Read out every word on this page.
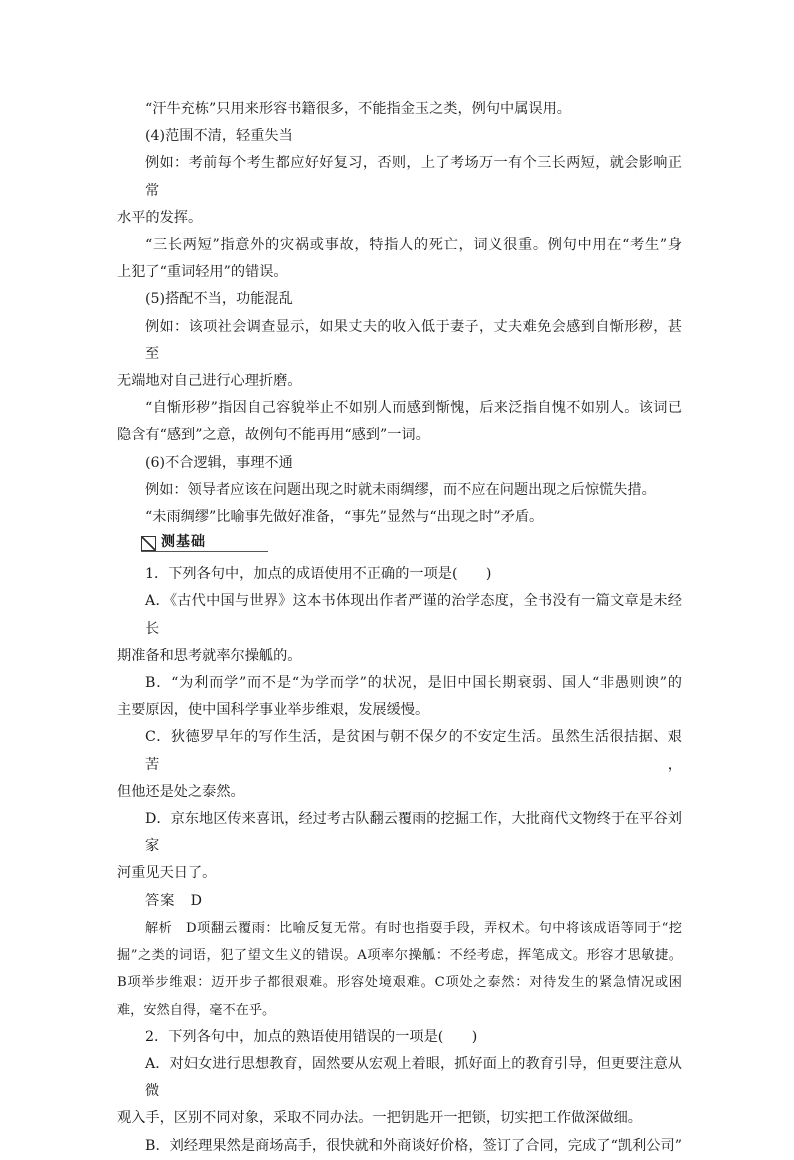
“汗牛充栋”只用来形容书籍很多，不能指金玉之类，例句中属误用。
(4)范围不清，轻重失当
例如：考前每个考生都应好好复习，否则，上了考场万一有个三长两短，就会影响正常
水平的发挥。
“三长两短”指意外的灾祸或事故，特指人的死亡，词义很重。例句中用在“考生”身
上犯了“重词轻用”的错误。
(5)搭配不当，功能混乱
例如：该项社会调查显示，如果丈夫的收入低于妻子，丈夫难免会感到自惭形秽，甚至
无端地对自己进行心理折磨。
“自惭形秽”指因自己容貌举止不如别人而感到惭愧，后来泛指自愧不如别人。该词已
隐含有“感到”之意，故例句不能再用“感到”一词。
(6)不合逻辑，事理不通
例如：领导者应该在问题出现之时就未雨绸缪，而不应在问题出现之后惊慌失措。
“未雨绸缪”比喻事先做好准备，“事先”显然与“出现之时”矛盾。
测基础
1．下列各句中，加点的成语使用不正确的一项是(　　)
A．《古代中国与世界》这本书体现出作者严谨的治学态度，全书没有一篇文章是未经长
期准备和思考就率尔操觚的。
B．“为利而学”而不是“为学而学”的状况，是旧中国长期衰弱、国人“非愚则谀”的
主要原因，使中国科学事业举步维艰，发展缓慢。
C．狄德罗早年的写作生活，是贫困与朝不保夕的不安定生活。虽然生活很拮据、艰苦，
但他还是处之泰然。
D．京东地区传来喜讯，经过考古队翻云覆雨的挖掘工作，大批商代文物终于在平谷刘家
河重见天日了。
答案　D
解析　D项翻云覆雨：比喻反复无常。有时也指耍手段，弄权术。句中将该成语等同于“挖
掘”之类的词语，犯了望文生义的错误。A项率尔操觚：不经考虑，挥笔成文。形容才思敏捷。
B项举步维艰：迈开步子都很艰难。形容处境艰难。C项处之泰然：对待发生的紧急情况或困
难，安然自得，毫不在乎。
2．下列各句中，加点的熟语使用错误的一项是(　　)
A．对妇女进行思想教育，固然要从宏观上着眼，抓好面上的教育引导，但更要注意从微
观入手，区别不同对象，采取不同办法。一把钥匙开一把锁，切实把工作做深做细。
B．刘经理果然是商场高手，很快就和外商谈好价格，签订了合同，完成了“凯利公司”
